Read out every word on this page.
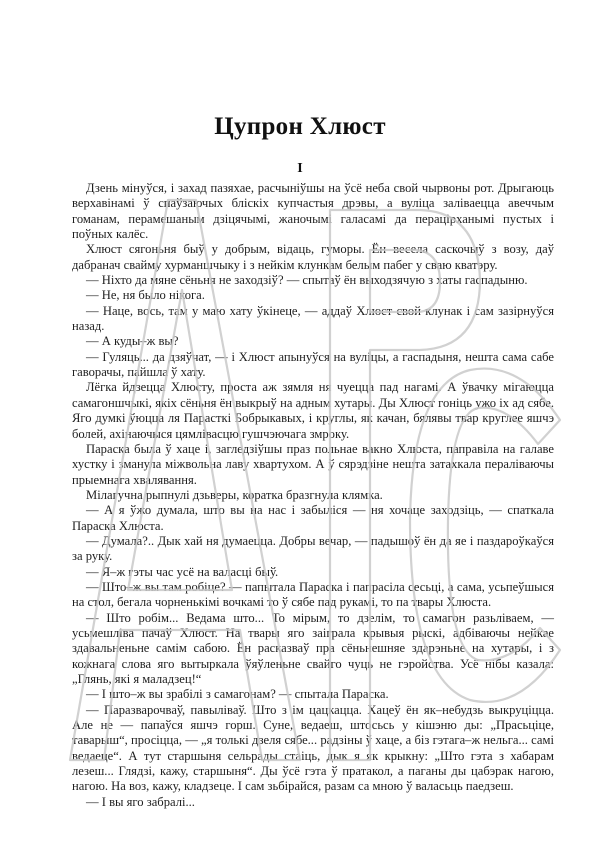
Цупрон Хлюст
I

Дзень мінуўся, і захад пазяхае, расчыніўшы на ўсё неба свой чырвоны рот. Дрыгаюць верхавінамі ў спаўзаючых бліскіх купчастыя дрэвы, а вуліца заліваецца авеччым гоманам, перамешаным дзіцячымі, жаночымі галасамі да перацірханымі пустых і поўных калёс.

Хлюст сягоньня быў у добрым, відаць, гуморы. Ён весела саскочыў з возу, даў дабранач свайму хурманшчыку і з нейкім клункам белым пабег у сваю кватэру.

— Ніхто да мяне сёньня не заходзіў? — спытаў ён выходзячую з хаты гаспадыню.

— Не, ня было нікога.

— Наце, вось, там у маю хату ўкінеце, — аддаў Хлюст свой клунак і сам зазірнуўся назад.

— А куды–ж вы?

— Гуляць... да дзяўчат, — і Хлюст апынуўся на вуліцы, а гаспадыня, нешта сама сабе гаворачы, пайшла ў хату.

Лёгка йдзецца Хлюсту, проста аж зямля ня чуецца пад нагамі. А ўвачку мігаюцца самагоншчыкі, якіх сёньня ён выкрыў на адным хутары. Ды Хлюст гоніць ужо іх ад сябе. Яго думкі ўюцца ля Парасткі Бобрыкавых, і круглы, як качан, бялявы твар круглее яшчэ болей, ахінаючыся цямлівасцю гушчэючага змроку.

Параска была ў хаце і, загледзіўшы праз польнае вакно Хлюста, паправіла на галаве хустку і зманула міжвольна лаву хвартухом. А ў сярэдзіне нешта затахкала пераліваючы прыемнага хвалявання.

Мілагучна рыпнулі дзьверы, коратка бразгнула клямка.

— А я ўжо думала, што вы на нас і забыліся — ня хочаце заходзіць, — спаткала Параска Хлюста.

— Думала?.. Дык хай ня думаецца. Добры вечар, — падышоў ён да яе і паздароўкаўся за руку.

— Я–ж гэты час усё на валасці быў.

— Што–ж вы там робіце? — папытала Параска і папрасіла сесьці, а сама, усьпеўшыся на стол, бегала чорненькімі вочкамі то ў сябе пад рукамі, то па твары Хлюста.

— Што робім... Ведама што... То мірым, то дзелім, то самагон разьліваем, — усьмешліва пачаў Хлюст. На твары яго заіграла крывыя рыскі, адбіваючы нейкае здавальненьне самім сабою. Ён расказваў пра сёньнешняе здарэньне на хутары, і з кожнага слова яго вытыркала ўяўленьне свайго чуць не гэройства. Усё нібы казала: „Глянь, які я маладзец!“

— І што–ж вы зрабілі з самагонам? — спытала Параска.

— Паразварочваў, павыліваў. Што з ім цацкацца. Хацеў ён як–небудзь выкруціцца. Але не — папаўся яшчэ горш. Суне, ведаеш, штосьсь у кішэню ды: „Прасьціце, таварыш“, просіцца, — „я толькі дзеля сябе... радзіны ў хаце, а біз гэтага–ж нельга... самі ведаеце“. А тут старшыня сельрады стаіць, дык я як крыкну: „Што гэта з хабарам лезеш... Глядзі, кажу, старшыня“. Ды ўсё гэта ў пратакол, а паганы ды цабэрак нагою, нагою. На воз, кажу, кладзеце. І сам зьбірайся, разам са мною ў валасьць паедзеш.

— І вы яго забралі...
